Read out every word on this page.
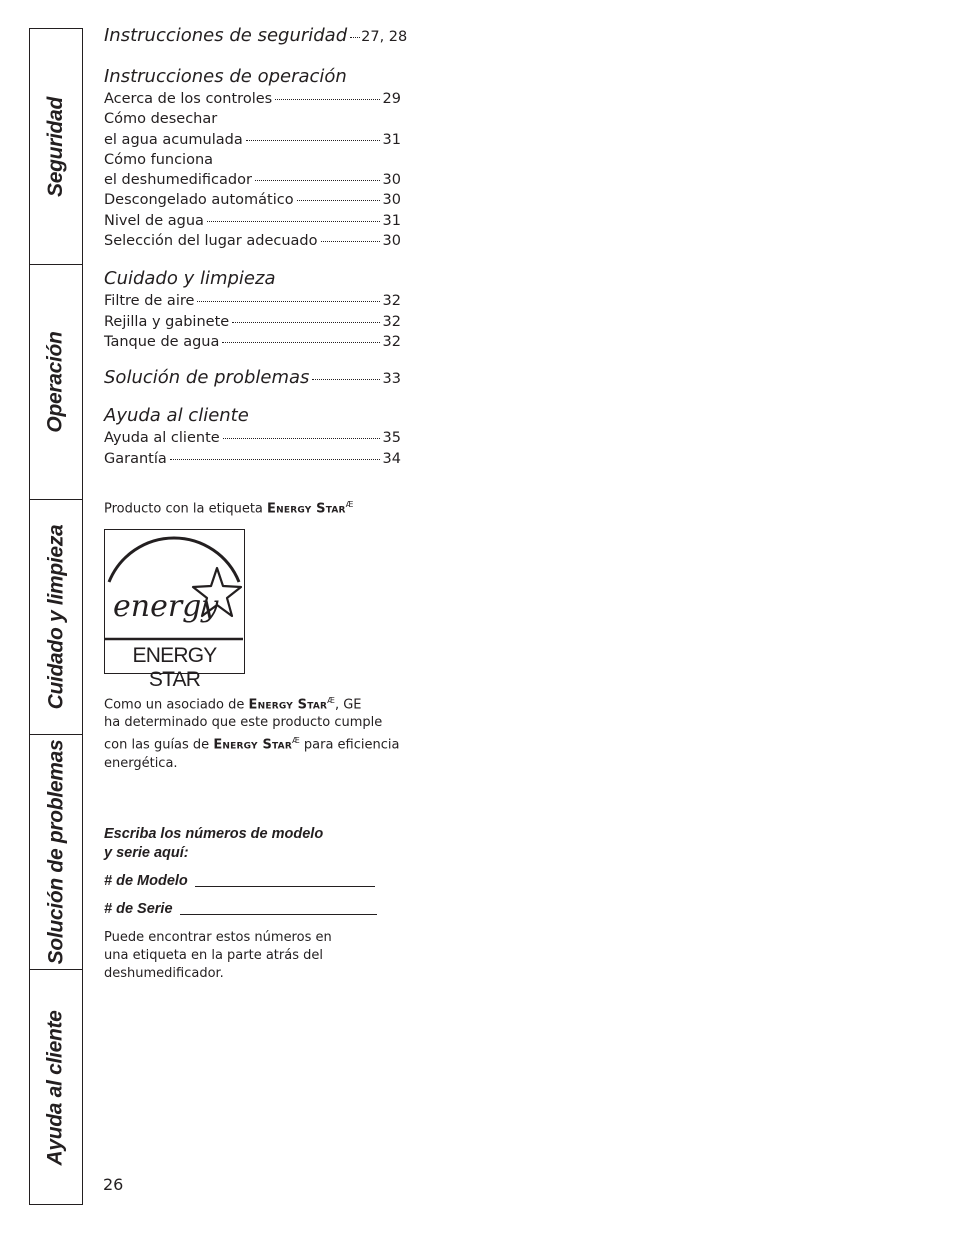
Seguridad
Operación
Cuidado y limpieza
Solución de problemas
Ayuda al cliente
Instrucciones de seguridad 27, 28
Instrucciones de operación
Acerca de los controles	29
Cómo desechar
el agua acumulada	31
Cómo funciona
el deshumedificador	30
Descongelado automático	30
Nivel de agua	31
Selección del lugar adecuado	30
Cuidado y limpieza
Filtre de aire	32
Rejilla y gabinete	32
Tanque de agua	32
Solución de problemas	33
Ayuda al cliente
Ayuda al cliente	35
Garantía	34
Producto con la etiqueta Energy Star$^Æ$
energy
ENERGY STAR
Como un asociado de Energy Star$^Æ$, GE
ha determinado que este producto cumple
con las guías de Energy Star$^Æ$ para eficiencia
energética.
Escriba los números de modelo
y serie aquí:
# de Modelo
# de Serie
Puede encontrar estos números en
una etiqueta en la parte atrás del
deshumedificador.
26
